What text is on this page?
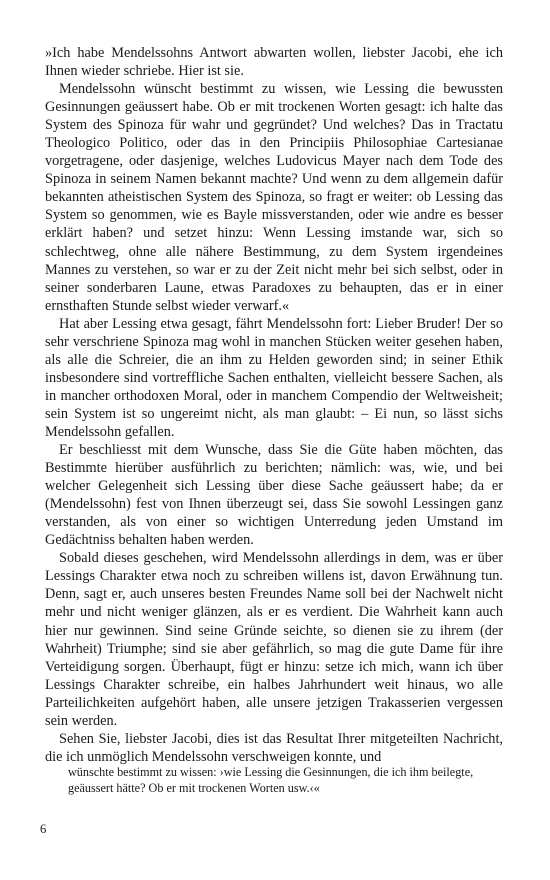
»Ich habe Mendelssohns Antwort abwarten wollen, liebster Jacobi, ehe ich Ihnen wieder schriebe. Hier ist sie.

Mendelssohn wünscht bestimmt zu wissen, wie Lessing die bewussten Gesinnungen geäussert habe. Ob er mit trockenen Worten gesagt: ich halte das System des Spinoza für wahr und gegründet? Und welches? Das in Tractatu Theologico Politico, oder das in den Principiis Philosophiae Cartesianae vorgetragene, oder dasjenige, welches Ludovicus Mayer nach dem Tode des Spinoza in seinem Namen bekannt machte? Und wenn zu dem allgemein dafür bekannten atheistischen System des Spinoza, so fragt er weiter: ob Lessing das System so genommen, wie es Bayle missverstanden, oder wie andre es besser erklärt haben? und setzet hinzu: Wenn Lessing imstande war, sich so schlechtweg, ohne alle nähere Bestimmung, zu dem System irgendeines Mannes zu verstehen, so war er zu der Zeit nicht mehr bei sich selbst, oder in seiner sonderbaren Laune, etwas Paradoxes zu behaupten, das er in einer ernsthaften Stunde selbst wieder verwarf.«

Hat aber Lessing etwa gesagt, fährt Mendelssohn fort: Lieber Bruder! Der so sehr verschriene Spinoza mag wohl in manchen Stücken weiter gesehen haben, als alle die Schreier, die an ihm zu Helden geworden sind; in seiner Ethik insbesondere sind vortreffliche Sachen enthalten, vielleicht bessere Sachen, als in mancher orthodoxen Moral, oder in manchem Compendio der Weltweisheit; sein System ist so ungereimt nicht, als man glaubt: – Ei nun, so lässt sichs Mendelssohn gefallen.

Er beschliesst mit dem Wunsche, dass Sie die Güte haben möchten, das Bestimmte hierüber ausführlich zu berichten; nämlich: was, wie, und bei welcher Gelegenheit sich Lessing über diese Sache geäussert habe; da er (Mendelssohn) fest von Ihnen überzeugt sei, dass Sie sowohl Lessingen ganz verstanden, als von einer so wichtigen Unterredung jeden Umstand im Gedächtniss behalten haben werden.

Sobald dieses geschehen, wird Mendelssohn allerdings in dem, was er über Lessings Charakter etwa noch zu schreiben willens ist, davon Erwähnung tun. Denn, sagt er, auch unseres besten Freundes Name soll bei der Nachwelt nicht mehr und nicht weniger glänzen, als er es verdient. Die Wahrheit kann auch hier nur gewinnen. Sind seine Gründe seichte, so dienen sie zu ihrem (der Wahrheit) Triumphe; sind sie aber gefährlich, so mag die gute Dame für ihre Verteidigung sorgen. Überhaupt, fügt er hinzu: setze ich mich, wann ich über Lessings Charakter schreibe, ein halbes Jahrhundert weit hinaus, wo alle Parteilichkeiten aufgehört haben, alle unsere jetzigen Trakasserien vergessen sein werden.

Sehen Sie, liebster Jacobi, dies ist das Resultat Ihrer mitgeteilten Nachricht, die ich unmöglich Mendelssohn verschweigen konnte, und

wünschte bestimmt zu wissen: ›wie Lessing die Gesinnungen, die ich ihm beilegte, geäussert hätte? Ob er mit trockenen Worten usw.‹«

6
